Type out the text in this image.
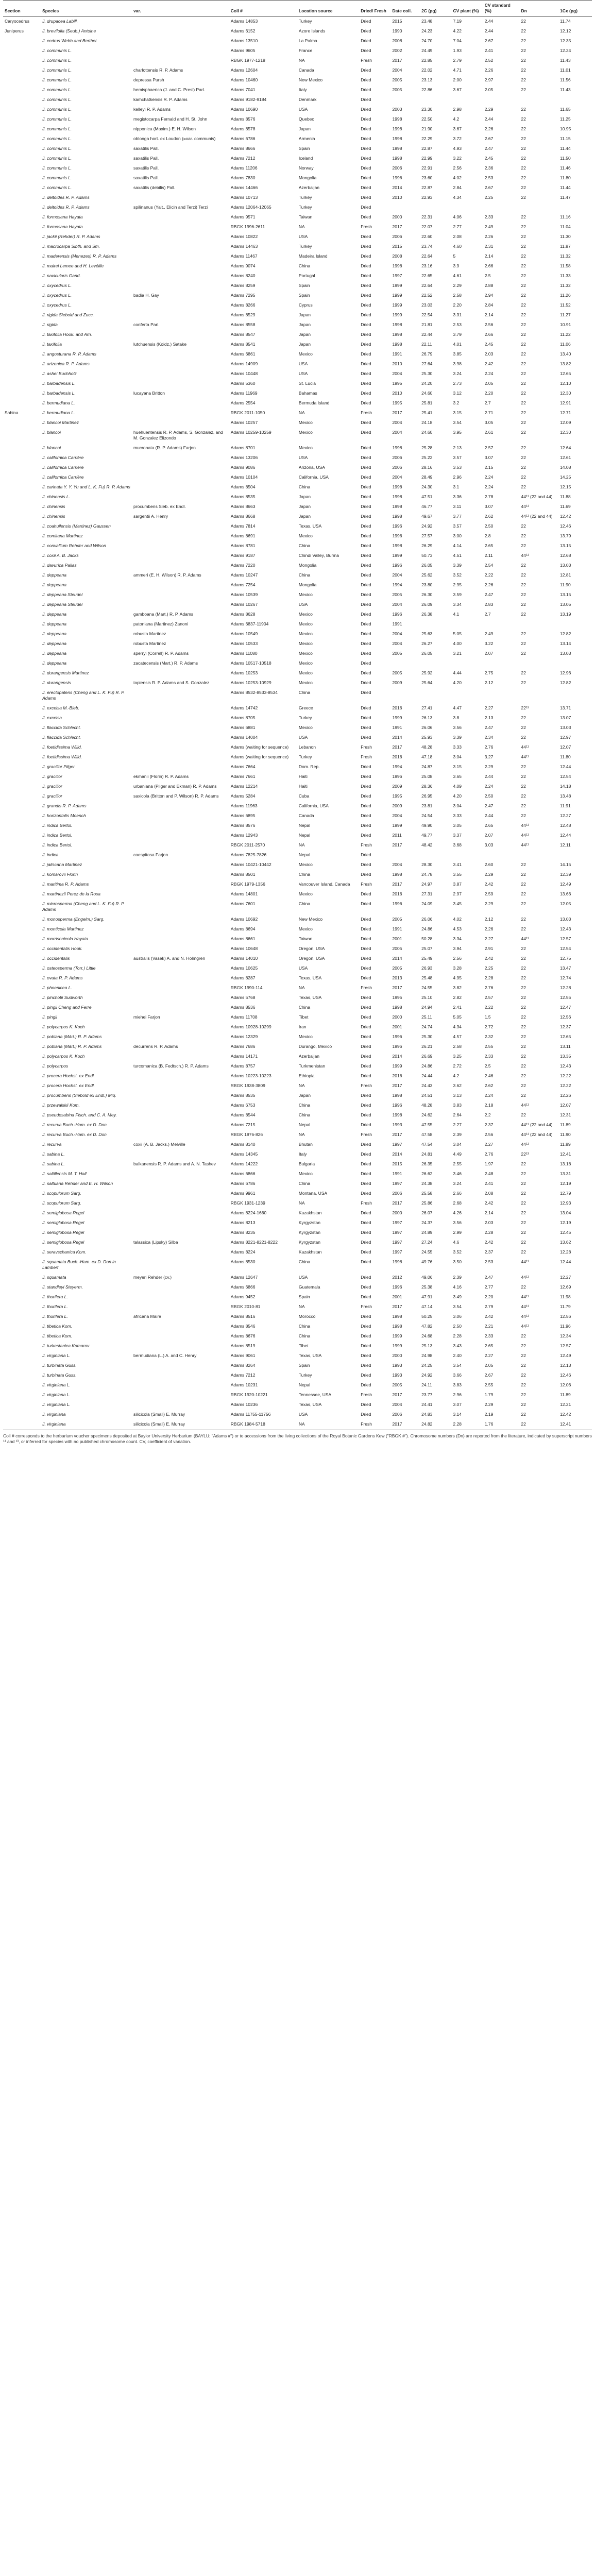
Section	Species	var.	Coll #	Location source	Dried/ Fresh	Date coll.	2C (pg)	CV plant (%)	CV standard (%)	Dn	1Cx (pg)
Caryocedrus	J. drupacea Labill.		Adams 14853	Turkey	Dried	2015	23.48	7.19	2.44	22	11.74
Juniperus	J. brevifolia (Seub.) Antoine		Adams 6152	Azore Islands	Dried	1990	24.23	4.22	2.44	22	12.12
	J. cedrus Webb and Berthel.		Adams 13510	La Palma	Dried	2008	24.70	7.04	2.67	22	12.35
	J. communis L.		Adams 9605	France	Dried	2002	24.49	1.93	2.41	22	12.24
	J. communis L.		RBGK 1977-1218	NA	Fresh	2017	22.85	2.79	2.52	22	11.43
	J. communis L.	charlottensis R. P. Adams	Adams 12604	Canada	Dried	2004	22.02	4.71	2.26	22	11.01
	J. communis L.	depressa Pursh	Adams 10460	New Mexico	Dried	2005	23.13	2.00	2.97	22	11.56
	J. communis L.	hemisphaerica (J. and C. Presl) Parl.	Adams 7041	Italy	Dried	2005	22.86	3.67	2.05	22	11.43
	J. communis L.	kamchatkensis R. P. Adams	Adams 9182-9184	Denmark	Dried						
	J. communis L.	kelleyi R. P. Adams	Adams 10690	USA	Dried	2003	23.30	2.98	2.29	22	11.65
	J. communis L.	megistocarpa Fernald and H. St. John	Adams 8576	Quebec	Dried	1998	22.50	4.2	2.44	22	11.25
	J. communis L.	nipponica (Maxim.) E. H. Wilson	Adams 8578	Japan	Dried	1998	21.90	3.67	2.26	22	10.95
	J. communis L.	oblonga hort. ex Loudon (=var. communis)	Adams 6786	Armenia	Dried	1998	22.29	3.72	2.67	22	11.15
	J. communis L.	saxatilis Pall.	Adams 8666	Spain	Dried	1998	22.87	4.93	2.47	22	11.44
	J. communis L.	saxatilis Pall.	Adams 7212	Iceland	Dried	1998	22.99	3.22	2.45	22	11.50
	J. communis L.	saxatilis Pall.	Adams 11206	Norway	Dried	2006	22.91	2.56	2.36	22	11.46
	J. communis L.	saxatilis Pall.	Adams 7830	Mongolia	Dried	1996	23.60	4.02	2.53	22	11.80
	J. communis L.	saxatilis (debilis) Pall.	Adams 14466	Azerbaijan	Dried	2014	22.87	2.84	2.67	22	11.44
	J. deltoides R. P. Adams		Adams 10713	Turkey	Dried	2010	22.93	4.34	2.25	22	11.47
	J. deltoides R. P. Adams	spilinanus (Yalt., Elicin and Terzi) Terzi	Adams 12064-12065	Turkey	Dried						
	J. formosana Hayata		Adams 9571	Taiwan	Dried	2000	22.31	4.06	2.33	22	11.16
	J. formosana Hayata		RBGK 1996-2611	NA	Fresh	2017	22.07	2.77	2.49	22	11.04
	J. jackii (Rehder) R. P. Adams		Adams 10822	USA	Dried	2006	22.60	2.08	2.26	22	11.30
	J. macrocarpa Sibth. and Sm.		Adams 14463	Turkey	Dried	2015	23.74	4.60	2.31	22	11.87
	J. maderensis (Menezes) R. P. Adams		Adams 11467	Madeira Island	Dried	2008	22.64	5	2.14	22	11.32
	J. mairei Lemee and H. Levéille		Adams 9074	China	Dried	1998	23.16	3.9	2.66	22	11.58
	J. navicularis Gand.		Adams 8240	Portugal	Dried	1997	22.65	4.61	2.5	22	11.33
	J. oxycedrus L.		Adams 8259	Spain	Dried	1999	22.64	2.29	2.88	22	11.32
	J. oxycedrus L.	badia H. Gay	Adams 7295	Spain	Dried	1999	22.52	2.58	2.94	22	11.26
	J. oxycedrus L.		Adams 8266	Cyprus	Dried	1999	23.03	2.20	2.84	22	11.52
	J. rigida Siebold and Zucc.		Adams 8529	Japan	Dried	1999	22.54	3.31	2.14	22	11.27
	J. rigida	conferta Parl.	Adams 8558	Japan	Dried	1998	21.81	2.53	2.56	22	10.91
	J. taxifolia Hook. and Arn.		Adams 8547	Japan	Dried	1998	22.44	3.79	2.66	22	11.22
	J. taxifolia	lutchuensis (Koidz.) Satake	Adams 8541	Japan	Dried	1998	22.11	4.01	2.45	22	11.06
	J. angosturana R. P. Adams		Adams 6861	Mexico	Dried	1991	26.79	3.85	2.03	22	13.40
	J. arizonica R. P. Adams		Adams 14909	USA	Dried	2010	27.64	3.98	2.42	22	13.82
	J. ashei Buchholz		Adams 10448	USA	Dried	2004	25.30	3.24	2.24	22	12.65
	J. barbadensis L.		Adams 5360	St. Lucia	Dried	1995	24.20	2.73	2.05	22	12.10
	J. barbadensis L.	lucayana Britton	Adams 11969	Bahamas	Dried	2010	24.60	3.12	2.20	22	12.30
	J. bermudiana L.		Adams 2554	Bermuda Island	Dried	1995	25.81	3.2	2.7	22	12.91
Sabina	J. bermudiana L.		RBGK 2011-1050	NA	Fresh	2017	25.41	3.15	2.71	22	12.71
	J. blancoi Martinez		Adams 10257	Mexico	Dried	2004	24.18	3.54	3.05	22	12.09
	J. blancoi	huehuentensis R. P. Adams, S. Gonzalez, and M. Gonzalez Elizondo	Adams 10259-10259	Mexico	Dried	2004	24.60	3.95	2.61	22	12.30
	J. blancoi	mucronata (R. P. Adams) Farjon	Adams 8701	Mexico	Dried	1998	25.28	2.13	2.57	22	12.64
	J. californica Carrière		Adams 13206	USA	Dried	2006	25.22	3.57	3.07	22	12.61
	J. californica Carrière		Adams 9086	Arizona, USA	Dried	2006	28.16	3.53	2.15	22	14.08
	J. californica Carrière		Adams 10104	California, USA	Dried	2004	28.49	2.96	2.24	22	14.25
	J. carinata Y. Y. Yu and L. K. Fu) R. P. Adams		Adams 8504	China	Dried	1998	24.30	3.1	2.24	22	12.15
	J. chinensis L.		Adams 8535	Japan	Dried	1998	47.51	3.36	2.78	44¹¹ (22 and 44)	11.88
	J. chinensis	procumbens Sieb. ex Endl.	Adams 8663	Japan	Dried	1998	46.77	3.11	3.07	44¹¹	11.69
	J. chinensis	sargentii A. Henry	Adams 8668	Japan	Dried	1998	49.67	3.77	2.62	44¹¹ (22 and 44)	12.42
	J. coahuilensis (Martinez) Gaussen		Adams 7814	Texas, USA	Dried	1996	24.92	3.57	2.50	22	12.46
	J. comitana Martinez		Adams 8691	Mexico	Dried	1996	27.57	3.00	2.8	22	13.79
	J. convallium Rehder and Wilson		Adams 8781	China	Dried	1998	26.29	4.14	2.65	22	13.15
	J. coxii A. B. Jacks		Adams 9187	Chindi Valley, Burma	Dried	1999	50.73	4.51	2.11	44¹¹	12.68
	J. davurica Pallas		Adams 7220	Mongolia	Dried	1996	26.05	3.39	2.54	22	13.03
	J. deppeana	ammeri (E. H. Wilson) R. P. Adams	Adams 10247	China	Dried	2004	25.62	3.52	2.22	22	12.81
	J. deppeana		Adams 7254	Mongolia	Dried	1994	23.80	2.95	2.26	22	11.90
	J. deppeana Steudel		Adams 10539	Mexico	Dried	2005	26.30	3.59	2.47	22	13.15
	J. deppeana Steudel		Adams 10267	USA	Dried	2004	26.09	3.34	2.83	22	13.05
	J. deppeana	gamboana (Mart.) R. P. Adams	Adams 8628	Mexico	Dried	1996	26.38	4.1	2.7	22	13.19
	J. deppeana	patoniana (Martinez) Zanoni	Adams 6837-11904	Mexico	Dried	1991					
	J. deppeana	robusta Martinez	Adams 10549	Mexico	Dried	2004	25.63	5.05	2.49	22	12.82
	J. deppeana	robusta Martinez	Adams 10533	Mexico	Dried	2004	26.27	4.00	3.22	22	13.14
	J. deppeana	sperryi (Correll) R. P. Adams	Adams 11080	Mexico	Dried	2005	26.05	3.21	2.07	22	13.03
	J. deppeana	zacatecensis (Mart.) R. P. Adams	Adams 10517-10518	Mexico	Dried						
	J. durangensis Martinez		Adams 10253	Mexico	Dried	2005	25.92	4.44	2.75	22	12.96
	J. durangensis	topiensis R. P. Adams and S. Gonzalez	Adams 10253-10929	Mexico	Dried	2009	25.64	4.20	2.12	22	12.82
	J. erectopatens (Cheng and L. K. Fu) R. P. Adams		Adams 8532-8533-8534	China	Dried						
	J. excelsa M.-Bieb.		Adams 14742	Greece	Dried	2016	27.41	4.47	2.27	22¹³	13.71
	J. excelsa		Adams 8705	Turkey	Dried	1999	26.13	3.8	2.13	22	13.07
	J. flaccida Schlecht.		Adams 6881	Mexico	Dried	1991	26.06	3.56	2.47	22	13.03
	J. flaccida Schlecht.		Adams 14004	USA	Dried	2014	25.93	3.39	2.34	22	12.97
	J. foetidissima Willd.		Adams (waiting for sequence)	Lebanon	Fresh	2017	48.28	3.33	2.76	44¹¹	12.07
	J. foetidissima Willd.		Adams (waiting for sequence)	Turkey	Fresh	2016	47.18	3.04	3.27	44¹¹	11.80
	J. gracilior Pilger		Adams 7664	Dom. Rep.	Dried	1994	24.87	3.15	2.29	22	12.44
	J. gracilior	ekmanii (Florin) R. P. Adams	Adams 7661	Haiti	Dried	1996	25.08	3.65	2.44	22	12.54
	J. gracilior	urbaniana (Pilger and Ekman) R. P. Adams	Adams 12214	Haiti	Dried	2009	28.36	4.09	2.24	22	14.18
	J. gracilior	saxicola (Britton and P. Wilson) R. P. Adams	Adams 5284	Cuba	Dried	1995	26.95	4.20	2.50	22	13.48
	J. grandis R. P. Adams		Adams 11963	California, USA	Dried	2009	23.81	3.04	2.47	22	11.91
	J. horizontalis Moench		Adams 6895	Canada	Dried	2004	24.54	3.33	2.44	22	12.27
	J. indica Bertol.		Adams 8576	Nepal	Dried	1999	49.90	3.05	2.65	44¹¹	12.48
	J. indica Bertol.		Adams 12943	Nepal	Dried	2011	49.77	3.37	2.07	44¹¹	12.44
	J. indica Bertol.		RBGK 2011-2570	NA	Fresh	2017	48.42	3.68	3.03	44¹¹	12.11
	J. indica	caespitosa Farjon	Adams 7825-7826	Nepal	Dried						
	J. jaliscana Martinez		Adams 10421-10442	Mexico	Dried	2004	28.30	3.41	2.60	22	14.15
	J. komarovii Florin		Adams 8501	China	Dried	1998	24.78	3.55	2.29	22	12.39
	J. maritima R. P. Adams		RBGK 1979-1356	Vancouver Island, Canada	Fresh	2017	24.97	3.87	2.42	22	12.49
	J. martinezii Perez de la Rosa		Adams 14801	Mexico	Dried	2016	27.31	2.97	2.59	22	13.66
	J. microsperma (Cheng and L. K. Fu) R. P. Adams		Adams 7601	China	Dried	1996	24.09	3.45	2.29	22	12.05
	J. monosperma (Engelm.) Sarg.		Adams 10692	New Mexico	Dried	2005	26.06	4.02	2.12	22	13.03
	J. monticola Martinez		Adams 8694	Mexico	Dried	1991	24.86	4.53	2.26	22	12.43
	J. morrisonicola Hayata		Adams 8661	Taiwan	Dried	2001	50.28	3.34	2.27	44¹¹	12.57
	J. occidentalis Hook.		Adams 10648	Oregon, USA	Dried	2005	25.07	3.94	2.91	22	12.54
	J. occidentalis	australis (Vasek) A. and N. Holmgren	Adams 14010	Oregon, USA	Dried	2014	25.49	2.56	2.42	22	12.75
	J. osteosperma (Torr.) Little		Adams 10625	USA	Dried	2005	26.93	3.28	2.25	22	13.47
	J. ovata R. P. Adams		Adams 8287	Texas, USA	Dried	2013	25.48	4.95	2.28	22	12.74
	J. phoenicea L.		RBGK 1990-114	NA	Fresh	2017	24.55	3.82	2.76	22	12.28
	J. pinchotii Sudworth		Adams 5768	Texas, USA	Dried	1995	25.10	2.82	2.57	22	12.55
	J. pingii Cheng and Ferre		Adams 8536	China	Dried	1998	24.94	2.41	2.22	22	12.47
	J. pingii	miehei Farjon	Adams 11708	Tibet	Dried	2000	25.11	5.05	1.5	22	12.56
	J. polycarpos K. Koch		Adams 10928-10299	Iran	Dried	2001	24.74	4.34	2.72	22	12.37
	J. poblana (Márt.) R. P. Adams		Adams 12329	Mexico	Dried	1996	25.30	4.57	2.32	22	12.65
	J. poblana (Márt.) R. P. Adams	decurrens R. P. Adams	Adams 7686	Durango, Mexico	Dried	1996	26.21	2.58	2.55	22	13.11
	J. polycarpos K. Koch		Adams 14171	Azerbaijan	Dried	2014	26.69	3.25	2.33	22	13.35
	J. polycarpos	turcomanica (B. Fedtsch.) R. P. Adams	Adams 8757	Turkmenistan	Dried	1999	24.86	2.72	2.5	22	12.43
	J. procera Hochst. ex Endl.		Adams 10223-10223	Ethiopia	Dried	2016	24.44	4.2	2.46	22	12.22
	J. procera Hochst. ex Endl.		RBGK 1938-3809	NA	Fresh	2017	24.43	3.62	2.62	22	12.22
	J. procumbens (Siebold ex Endl.) Miq.		Adams 8535	Japan	Dried	1998	24.51	3.13	2.24	22	12.26
	J. przewalskii Kom.		Adams 6753	China	Dried	1996	48.28	3.83	2.18	44¹¹	12.07
	J. pseudosabina Fisch. and C. A. Mey.		Adams 8544	China	Dried	1998	24.62	2.64	2.2	22	12.31
	J. recurva Buch.-Ham. ex D. Don		Adams 7215	Nepal	Dried	1993	47.55	2.27	2.37	44¹¹ (22 and 44)	11.89
	J. recurva Buch.-Ham. ex D. Don		RBGK 1976-826	NA	Fresh	2017	47.58	2.39	2.56	44¹¹ (22 and 44)	11.90
	J. recurva	coxii (A. B. Jacks.) Melville	Adams 8140	Bhutan	Dried	1997	47.54	3.04	2.27	44¹¹	11.89
	J. sabina L.		Adams 14345	Italy	Dried	2014	24.81	4.49	2.76	22¹³	12.41
	J. sabina L.	balkanensis R. P. Adams and A. N. Tashev	Adams 14222	Bulgaria	Dried	2015	26.35	2.55	1.97	22	13.18
	J. saltillensis M. T. Hall		Adams 6866	Mexico	Dried	1991	26.62	3.46	2.48	22	13.31
	J. saltuaria Rehder and E. H. Wilson		Adams 6786	China	Dried	1997	24.38	3.24	2.41	22	12.19
	J. scopulorum Sarg.		Adams 9961	Montana, USA	Dried	2006	25.58	2.66	2.08	22	12.79
	J. scopulorum Sarg.		RBGK 1931-1239	NA	Fresh	2017	25.86	2.68	2.42	22	12.93
	J. semiglobosa Regel		Adams 8224-1660	Kazakhstan	Dried	2000	26.07	4.26	2.14	22	13.04
	J. semiglobosa Regel		Adams 8213	Kyrgyzstan	Dried	1997	24.37	3.56	2.03	22	12.19
	J. semiglobosa Regel		Adams 8235	Kyrgyzstan	Dried	1997	24.89	2.99	2.28	22	12.45
	J. semiglobosa Regel	talassica (Lipsky) Silba	Adams 8221-8221-8222	Kyrgyzstan	Dried	1997	27.24	4.6	2.42	22	13.62
	J. seravschanica Kom.		Adams 8224	Kazakhstan	Dried	1997	24.55	3.52	2.37	22	12.28
	J. squamata Buch.-Ham. ex D. Don in Lambert		Adams 8530	China	Dried	1998	49.76	3.50	2.53	44¹¹	12.44
	J. squamata	meyeri Rehder (cv.)	Adams 12647	USA	Dried	2012	49.06	2.39	2.47	44¹¹	12.27
	J. standleyi Steyerm.		Adams 6866	Guatemala	Dried	1996	25.38	4.16	2.77	22	12.69
	J. thurifera L.		Adams 9452	Spain	Dried	2001	47.91	3.49	2.20	44¹¹	11.98
	J. thurifera L.		RBGK 2010-81	NA	Fresh	2017	47.14	3.54	2.79	44¹¹	11.79
	J. thurifera L.	africana Maire	Adams 8516	Morocco	Dried	1998	50.25	3.06	2.42	44¹¹	12.56
	J. tibetica Kom.		Adams 8546	China	Dried	1998	47.82	2.50	2.21	44¹¹	11.96
	J. tibetica Kom.		Adams 8676	China	Dried	1999	24.68	2.28	2.33	22	12.34
	J. turkestanica Komarov		Adams 8519	Tibet	Dried	1999	25.13	3.43	2.65	22	12.57
	J. virginiana L.	bermudiana (L.) A. and C. Henry	Adams 9061	Texas, USA	Dried	2000	24.98	2.40	2.27	22	12.49
	J. turbinata Guss.		Adams 8264	Spain	Dried	1993	24.25	3.54	2.05	22	12.13
	J. turbinata Guss.		Adams 7212	Turkey	Dried	1993	24.92	3.66	2.67	22	12.46
	J. virginiana L.		Adams 10231	Nepal	Dried	2005	24.11	3.83	2.55	22	12.06
	J. virginiana L.		RBGK 1920-10221	Tennessee, USA	Fresh	2017	23.77	2.96	1.79	22	11.89
	J. virginiana L.		Adams 10236	Texas, USA	Dried	2004	24.41	3.07	2.29	22	12.21
	J. virginiana	silicicola (Small) E. Murray	Adams 11755-11756	USA	Dried	2006	24.83	3.14	2.19	22	12.42
	J. virginiana	silicicola (Small) E. Murray	RBGK 1984-5718	NA	Fresh	2017	24.82	2.28	1.76	22	12.41
Coll # corresponds to the herbarium voucher specimens deposited at Baylor University Herbarium (BAYLU; "Adams #") or to accessions from the living collections of the Royal Botanic Gardens Kew ("RBGK #"). Chromosome numbers (Dn) are reported from the literature, indicated by superscript numbers ¹¹ and ¹³, or inferred for species with no published chromosome count. CV, coefficient of variation.
